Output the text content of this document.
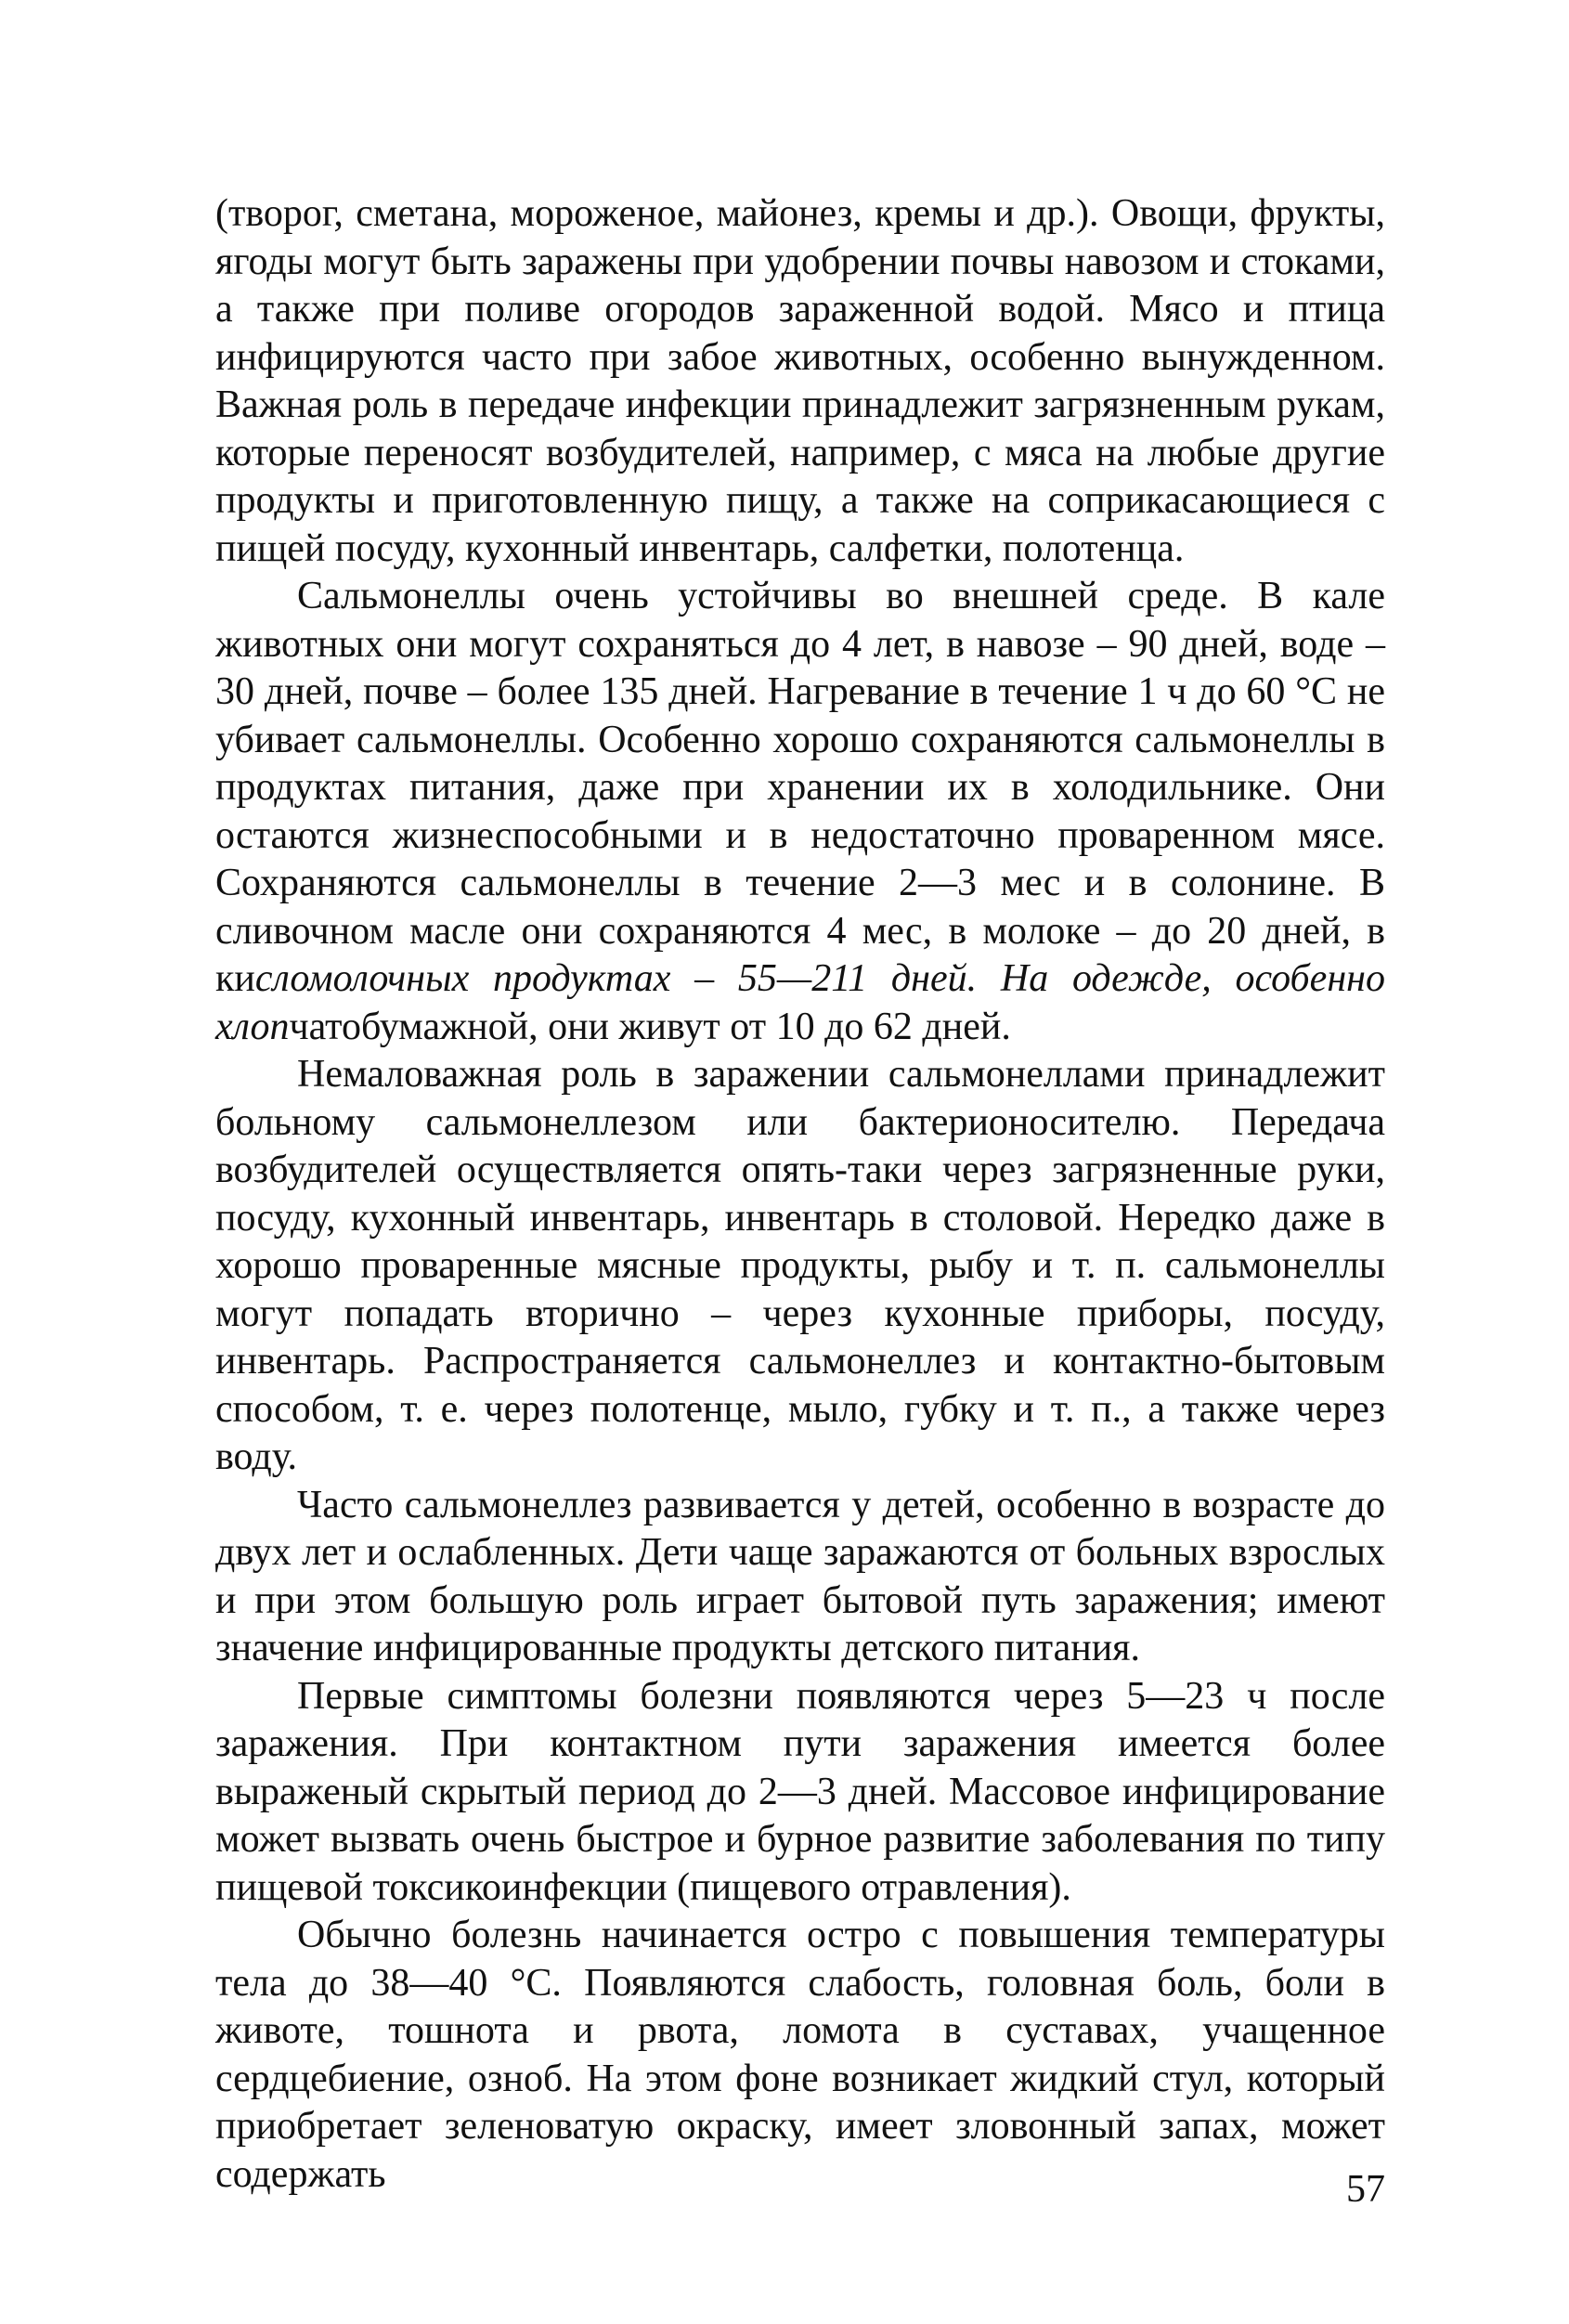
(творог, сметана, мороженое, майонез, кремы и др.). Овощи, фрукты, ягоды могут быть заражены при удобрении почвы навозом и стоками, а также при поливе огородов зараженной водой. Мясо и птица инфицируются часто при забое животных, особенно вынужденном. Важная роль в передаче инфекции принадлежит загрязненным рукам, которые переносят возбудителей, например, с мяса на любые другие продукты и приготовленную пищу, а также на соприкасающиеся с пищей посуду, кухонный инвентарь, салфетки, полотенца.

Сальмонеллы очень устойчивы во внешней среде. В кале животных они могут сохраняться до 4 лет, в навозе – 90 дней, воде – 30 дней, почве – более 135 дней. Нагревание в течение 1 ч до 60 °С не убивает сальмонеллы. Особенно хорошо сохраняются сальмонеллы в продуктах питания, даже при хранении их в холодильнике. Они остаются жизнеспособными и в недостаточно проваренном мясе. Сохраняются сальмонеллы в течение 2—3 мес и в солонине. В сливочном масле они сохраняются 4 мес, в молоке – до 20 дней, в кисломолочных продуктах – 55—211 дней. На одежде, особенно хлопчатобумажной, они живут от 10 до 62 дней.

Немаловажная роль в заражении сальмонеллами принадлежит больному сальмонеллезом или бактерионосителю. Передача возбудителей осуществляется опять-таки через загрязненные руки, посуду, кухонный инвентарь, инвентарь в столовой. Нередко даже в хорошо проваренные мясные продукты, рыбу и т. п. сальмонеллы могут попадать вторично – через кухонные приборы, посуду, инвентарь. Распространяется сальмонеллез и контактно-бытовым способом, т. е. через полотенце, мыло, губку и т. п., а также через воду.

Часто сальмонеллез развивается у детей, особенно в возрасте до двух лет и ослабленных. Дети чаще заражаются от больных взрослых и при этом большую роль играет бытовой путь заражения; имеют значение инфицированные продукты детского питания.

Первые симптомы болезни появляются через 5—23 ч после заражения. При контактном пути заражения имеется более выраженый скрытый период до 2—3 дней. Массовое инфицирование может вызвать очень быстрое и бурное развитие заболевания по типу пищевой токсикоинфекции (пищевого отравления).

Обычно болезнь начинается остро с повышения температуры тела до 38—40 °С. Появляются слабость, головная боль, боли в животе, тошнота и рвота, ломота в суставах, учащенное сердцебиение, озноб. На этом фоне возникает жидкий стул, который приобретает зеленоватую окраску, имеет зловонный запах, может содержать	57
